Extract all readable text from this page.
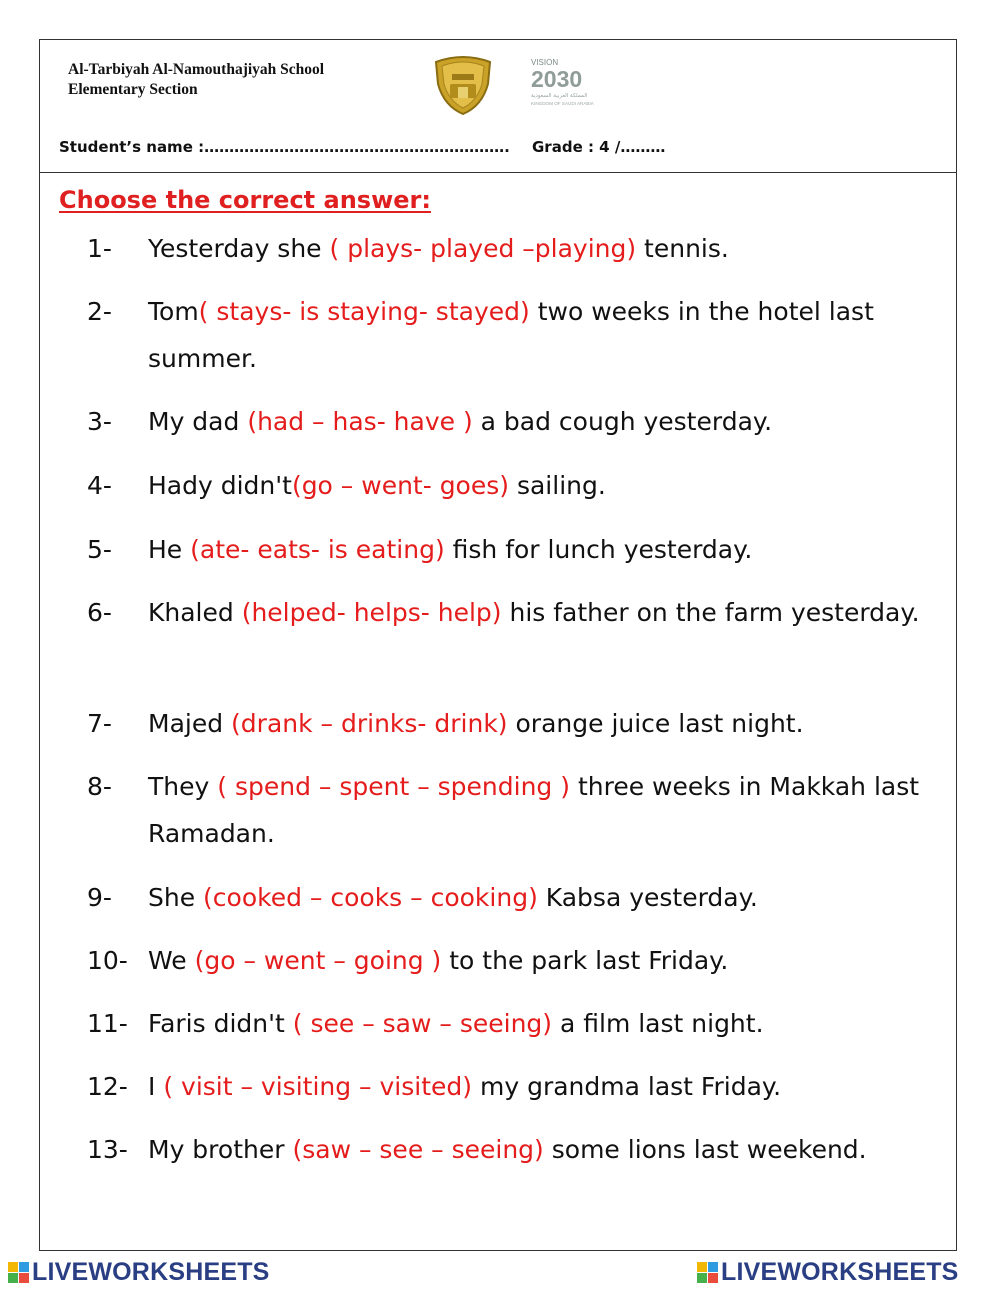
Al-Tarbiyah Al-Namouthajiyah School
Elementary Section
VISION
2030
المملكة العربية السعودية
KINGDOM OF SAUDI ARABIA
Student’s name :……………………………………………………. Grade : 4 /………
Choose the correct answer:
1- Yesterday she ( plays- played –playing) tennis.
2- Tom( stays- is staying- stayed) two weeks in the hotel last summer.
3- My dad (had – has- have ) a bad cough yesterday.
4- Hady didn't(go – went- goes) sailing.
5- He (ate- eats- is eating) fish for lunch yesterday.
6- Khaled (helped- helps- help) his father on the farm yesterday.
7- Majed (drank – drinks- drink) orange juice last night.
8- They ( spend – spent – spending ) three weeks in Makkah last Ramadan.
9- She (cooked – cooks – cooking) Kabsa yesterday.
10- We (go – went – going ) to the park last Friday.
11- Faris didn't ( see – saw – seeing) a film last night.
12- I ( visit – visiting – visited) my grandma last Friday.
13- My brother (saw – see – seeing) some lions last weekend.
LIVEWORKSHEETS	LIVEWORKSHEETS
